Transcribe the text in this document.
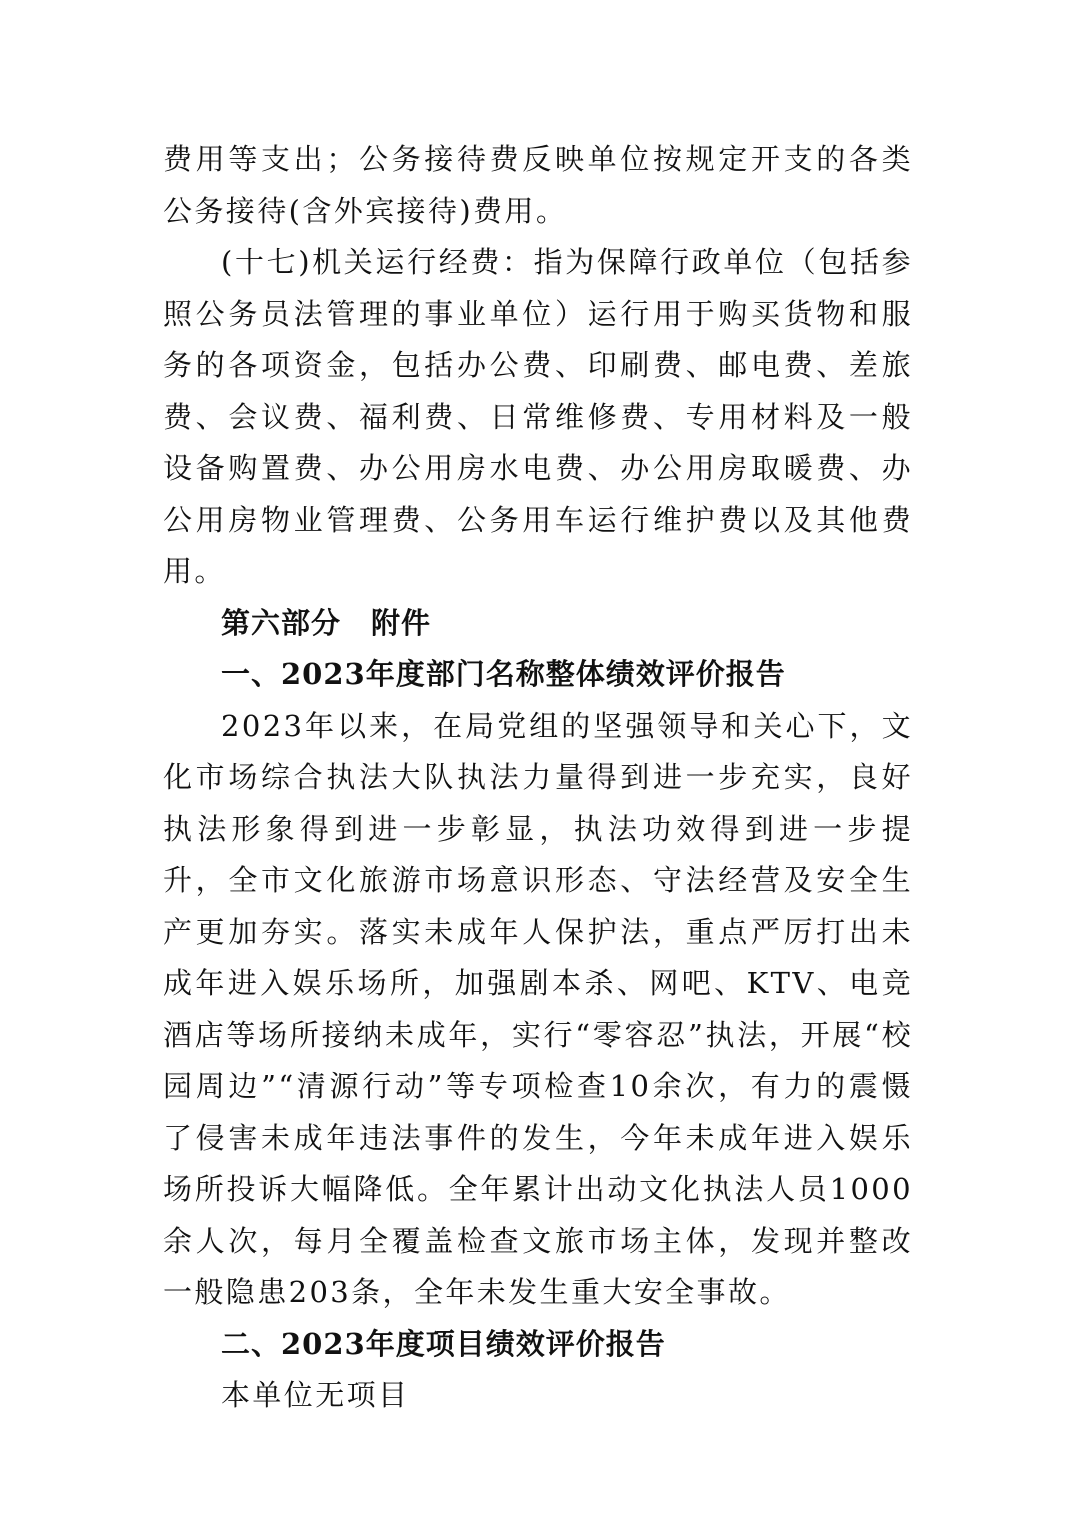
费用等支出；公务接待费反映单位按规定开支的各类公务接待(含外宾接待)费用。

(十七)机关运行经费：指为保障行政单位（包括参照公务员法管理的事业单位）运行用于购买货物和服务的各项资金，包括办公费、印刷费、邮电费、差旅费、会议费、福利费、日常维修费、专用材料及一般设备购置费、办公用房水电费、办公用房取暖费、办公用房物业管理费、公务用车运行维护费以及其他费用。

第六部分　附件

一、2023年度部门名称整体绩效评价报告

2023年以来，在局党组的坚强领导和关心下，文化市场综合执法大队执法力量得到进一步充实，良好执法形象得到进一步彰显，执法功效得到进一步提升，全市文化旅游市场意识形态、守法经营及安全生产更加夯实。落实未成年人保护法，重点严厉打出未成年进入娱乐场所，加强剧本杀、网吧、KTV、电竞酒店等场所接纳未成年，实行“零容忍”执法，开展“校园周边”“清源行动”等专项检查10余次，有力的震慑了侵害未成年违法事件的发生，今年未成年进入娱乐场所投诉大幅降低。全年累计出动文化执法人员1000余人次，每月全覆盖检查文旅市场主体，发现并整改一般隐患203条，全年未发生重大安全事故。

二、2023年度项目绩效评价报告

本单位无项目
